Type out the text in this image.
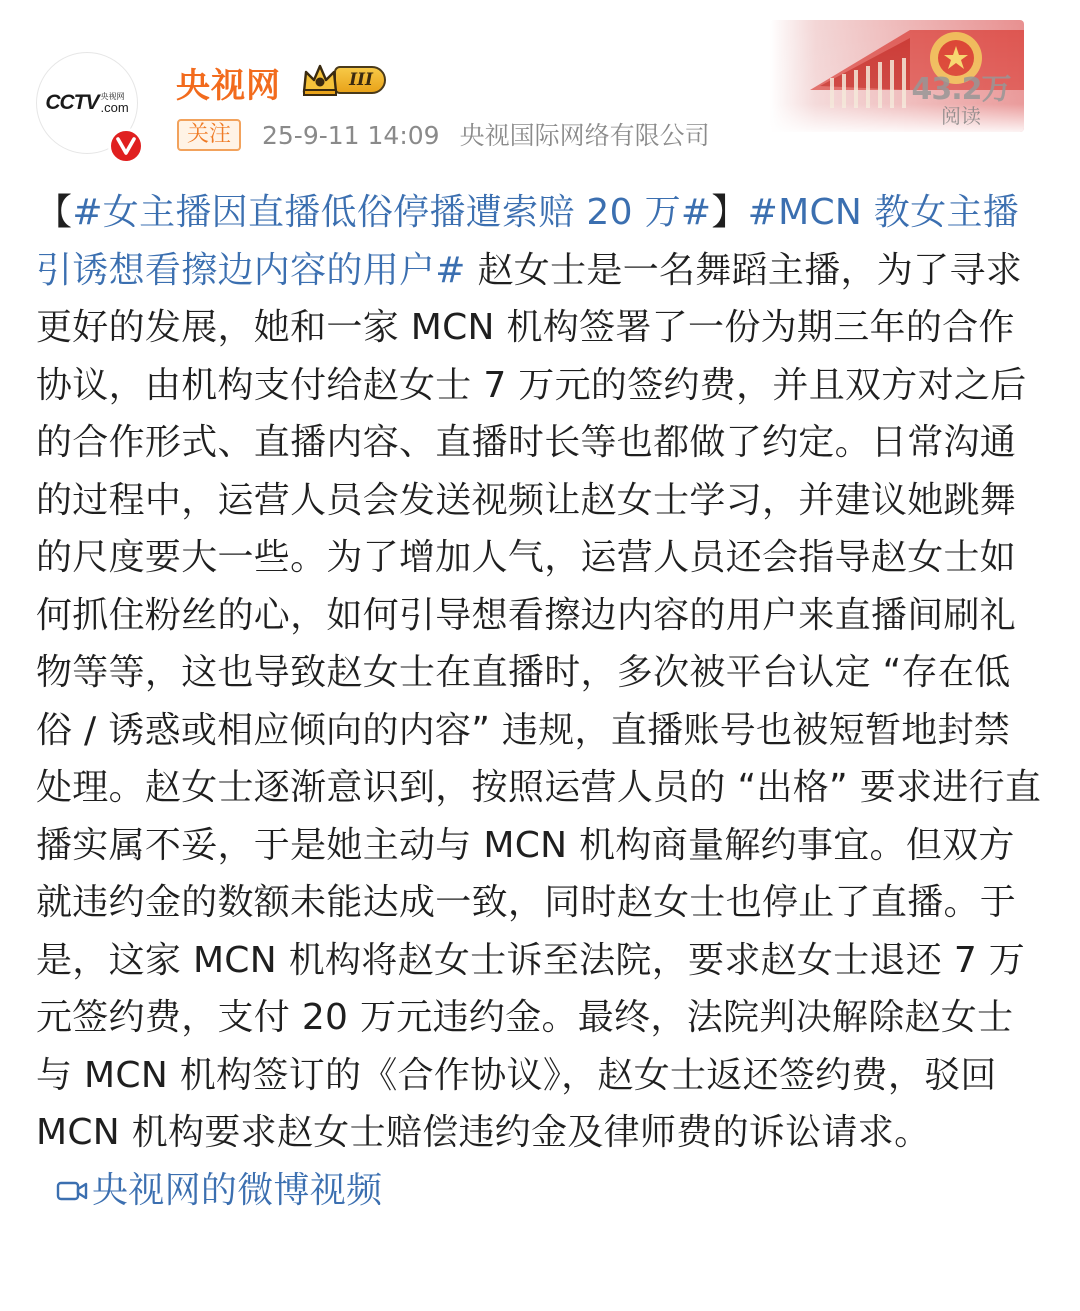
CCTV 央视网
.com
央视网	III
关注	25-9-11 14:09 央视国际网络有限公司
43.2万
阅读
【#女主播因直播低俗停播遭索赔 20 万#】#MCN 教女主播引诱想看擦边内容的用户# 赵女士是一名舞蹈主播，为了寻求更好的发展，她和一家 MCN 机构签署了一份为期三年的合作协议，由机构支付给赵女士 7 万元的签约费，并且双方对之后的合作形式、直播内容、直播时长等也都做了约定。日常沟通的过程中，运营人员会发送视频让赵女士学习，并建议她跳舞的尺度要大一些。为了增加人气，运营人员还会指导赵女士如何抓住粉丝的心，如何引导想看擦边内容的用户来直播间刷礼物等等，这也导致赵女士在直播时，多次被平台认定 “存在低俗 / 诱惑或相应倾向的内容” 违规，直播账号也被短暂地封禁处理。赵女士逐渐意识到，按照运营人员的 “出格” 要求进行直播实属不妥，于是她主动与 MCN 机构商量解约事宜。但双方就违约金的数额未能达成一致，同时赵女士也停止了直播。于是，这家 MCN 机构将赵女士诉至法院，要求赵女士退还 7 万元签约费，支付 20 万元违约金。最终，法院判决解除赵女士与 MCN 机构签订的《合作协议》，赵女士返还签约费，驳回 MCN 机构要求赵女士赔偿违约金及律师费的诉讼请求。央视网的微博视频
